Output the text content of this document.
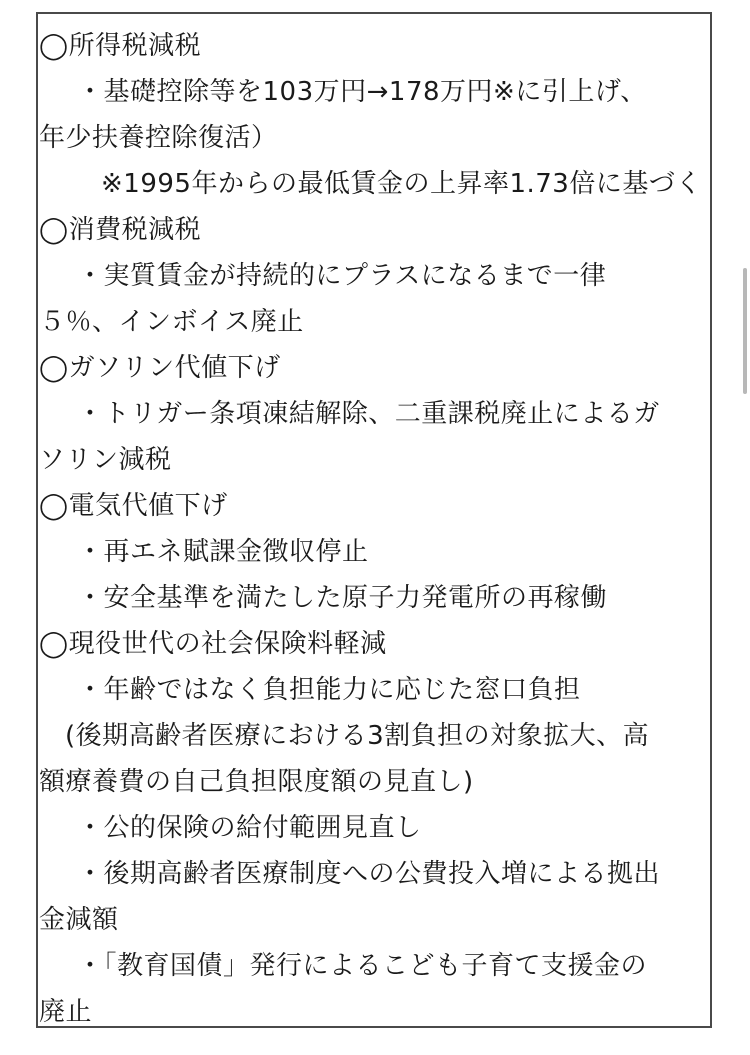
◯所得税減税
・基礎控除等を103万円→178万円※に引上げ、
年少扶養控除復活）
※1995年からの最低賃金の上昇率1.73倍に基づく
◯消費税減税
・実質賃金が持続的にプラスになるまで一律
５％、インボイス廃止
◯ガソリン代値下げ
・トリガー条項凍結解除、二重課税廃止によるガ
ソリン減税
◯電気代値下げ
・再エネ賦課金徴収停止
・安全基準を満たした原子力発電所の再稼働
◯現役世代の社会保険料軽減
・年齢ではなく負担能力に応じた窓口負担
(後期高齢者医療における3割負担の対象拡大、高
額療養費の自己負担限度額の見直し)
・公的保険の給付範囲見直し
・後期高齢者医療制度への公費投入増による拠出
金減額
・「教育国債」発行によるこども子育て支援金の
廃止
